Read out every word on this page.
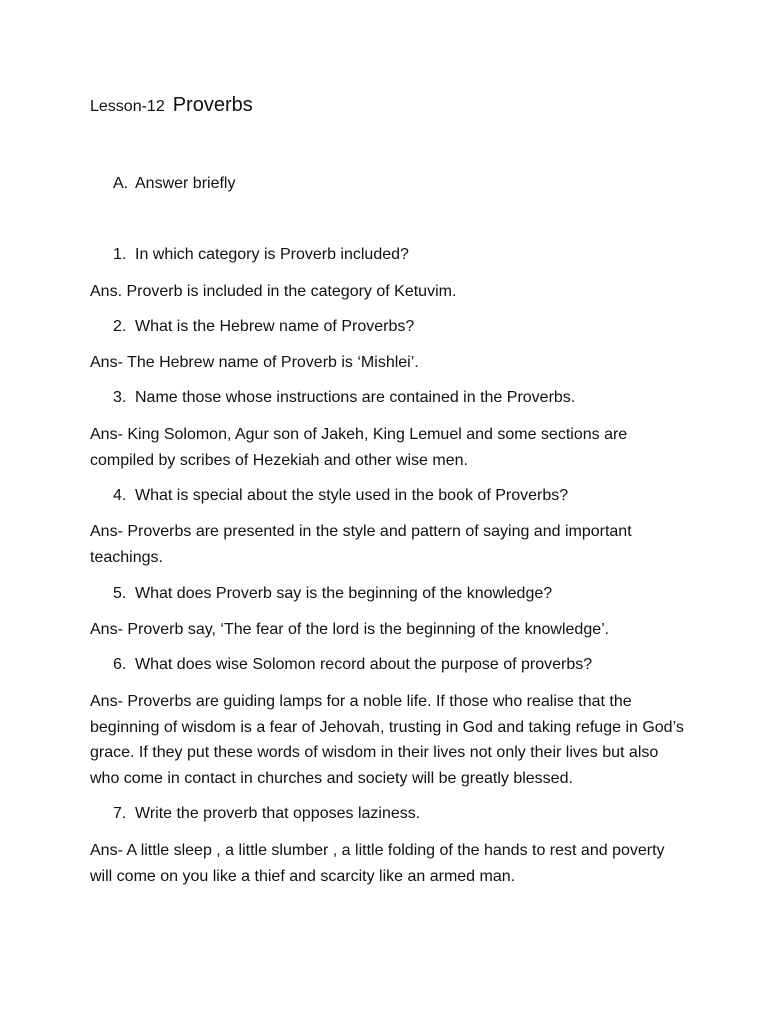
Lesson-12 Proverbs
A. Answer briefly
1. In which category is Proverb included?
Ans. Proverb is included in the category of Ketuvim.
2. What is the Hebrew name of Proverbs?
Ans- The Hebrew name of Proverb is ‘Mishlei’.
3. Name those whose instructions are contained in the Proverbs.
Ans- King Solomon, Agur son of Jakeh, King Lemuel and some sections are compiled by scribes of Hezekiah and other wise men.
4. What is special about the style used in the book of Proverbs?
Ans- Proverbs are presented in the style and pattern of saying and important teachings.
5. What does Proverb say is the beginning of the knowledge?
Ans- Proverb say, ‘The fear of the lord is the beginning of the knowledge’.
6. What does wise Solomon record about the purpose of proverbs?
Ans- Proverbs are guiding lamps for a noble life. If those who realise that the beginning of wisdom is a fear of Jehovah, trusting in God and taking refuge in God’s grace. If they put these words of wisdom in their lives not only their lives but also who come in contact in churches and society will be greatly blessed.
7. Write the proverb that opposes laziness.
Ans- A little sleep , a little slumber , a little folding of the hands to rest and poverty will come on you like a thief and scarcity like an armed man.
